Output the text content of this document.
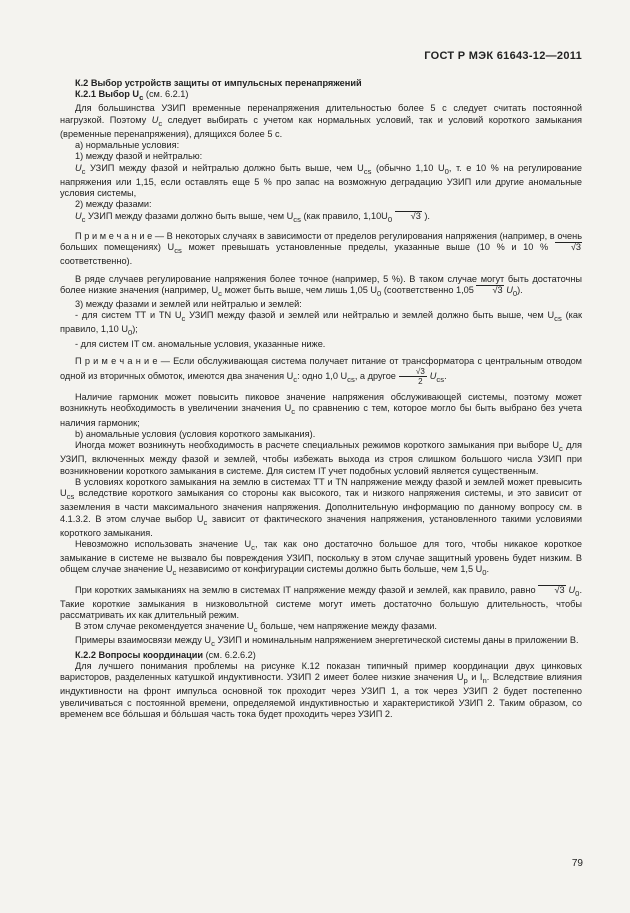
ГОСТ Р МЭК 61643-12—2011

К.2 Выбор устройств защиты от импульсных перенапряжений

К.2.1 Выбор $U_c$ (см. 6.2.1)

Для большинства УЗИП временные перенапряжения длительностью более 5 с следует считать постоянной нагрузкой. Поэтому $U_c$ следует выбирать с учетом как нормальных условий, так и условий короткого замыкания (временные перенапряжения), длящихся более 5 с.

а) нормальные условия:

1) между фазой и нейтралью:

$U_c$ УЗИП между фазой и нейтралью должно быть выше, чем $U_{cs}$ (обычно 1,10 $U_0$, т. е 10 % на регулирование напряжения или 1,15, если оставлять еще 5 % про запас на возможную деградацию УЗИП или другие аномальные условия системы,

2) между фазами:

$U_c$ УЗИП между фазами должно быть выше, чем $U_{cs}$ (как правило, $1,10U_0$	√ 3 ).

П р и м е ч а н и е — В некоторых случаях в зависимости от пределов регулирования напряжения (например, в очень больших помещениях) $U_{cs}$ может превышать установленные пределы, указанные выше (10 % и 10 %	√ 3 соответственно).

В ряде случаев регулирование напряжения более точное (например, 5 %). В таком случае могут быть достаточны более низкие значения (например, $U_c$ может быть выше, чем лишь 1,05 $U_0$ (соответственно 1,05	√ 3 $U_0$).

3) между фазами и землей или нейтралью и землей:

- для систем ТТ и TN $U_c$ УЗИП между фазой и землей или нейтралью и землей должно быть выше, чем $U_{cs}$ (как правило, 1,10 $U_0$);

- для систем IT см. аномальные условия, указанные ниже.

П р и м е ч а н и е — Если обслуживающая система получает питание от трансформатора с центральным отводом одной из вторичных обмоток, имеются два значения $U_c$: одно 1,0 $U_{cs}$, а другое √ $\frac{3}{2} U_{cs}$.

Наличие гармоник может повысить пиковое значение напряжения обслуживающей системы, поэтому может возникнуть необходимость в увеличении значения $U_c$ по сравнению с тем, которое могло бы быть выбрано без учета наличия гармоник;

b) аномальные условия (условия короткого замыкания).

Иногда может возникнуть необходимость в расчете специальных режимов короткого замыкания при выборе $U_c$ для УЗИП, включенных между фазой и землей, чтобы избежать выхода из строя слишком большого числа УЗИП при возникновении короткого замыкания в системе. Для систем IT учет подобных условий является существенным.

В условиях короткого замыкания на землю в системах ТТ и TN напряжение между фазой и землей может превысить $U_{cs}$ вследствие короткого замыкания со стороны как высокого, так и низкого напряжения системы, и это зависит от заземления в части максимального значения напряжения. Дополнительную информацию по данному вопросу см. в 4.1.3.2. В этом случае выбор $U_c$ зависит от фактического значения напряжения, установленного такими условиями короткого замыкания.

Невозможно использовать значение $U_c$, так как оно достаточно большое для того, чтобы никакое короткое замыкание в системе не вызвало бы повреждения УЗИП, поскольку в этом случае защитный уровень будет низким. В общем случае значение $U_c$ независимо от конфигурации системы должно быть больше, чем 1,5 $U_0$.

При коротких замыканиях на землю в системах IT напряжение между фазой и землей, как правило, равно	√ 3 $U_0$. Такие короткие замыкания в низковольтной системе могут иметь достаточно большую длительность, чтобы рассматривать их как длительный режим.

В этом случае рекомендуется значение $U_c$ больше, чем напряжение между фазами.

Примеры взаимосвязи между $U_c$ УЗИП и номинальным напряжением энергетической системы даны в приложении В.

К.2.2 Вопросы координации (см. 6.2.6.2)

Для лучшего понимания проблемы на рисунке К.12 показан типичный пример координации двух цинковых варисторов, разделенных катушкой индуктивности. УЗИП 2 имеет более низкие значения $U_p$ и $I_n$. Вследствие влияния индуктивности на фронт импульса основной ток проходит через УЗИП 1, а ток через УЗИП 2 будет постепенно увеличиваться с постоянной времени, определяемой индуктивностью и характеристикой УЗИП 2. Таким образом, со временем все бо́льшая и бо́льшая часть тока будет проходить через УЗИП 2.

79
